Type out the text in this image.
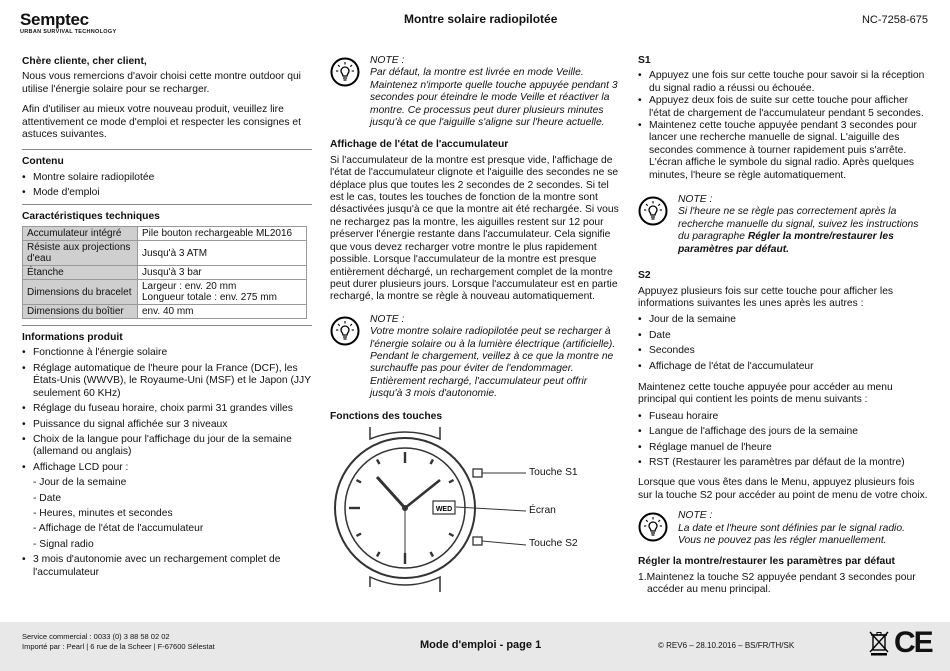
Semptec
URBAN SURVIVAL TECHNOLOGY
Montre solaire radiopilotée	NC-7258-675
Chère cliente, cher client,

Nous vous remercions d'avoir choisi cette montre outdoor qui utilise l'énergie solaire pour se recharger.

Afin d'utiliser au mieux votre nouveau produit, veuillez lire attentivement ce mode d'emploi et respecter les consignes et astuces suivantes.

Contenu
• Montre solaire radiopilotée
• Mode d'emploi
Caractéristiques techniques
Accumulateur intégré	Pile bouton rechargeable ML2016
Résiste aux projections d'eau	Jusqu'à 3 ATM
Étanche	Jusqu'à 3 bar
Dimensions du bracelet	Largeur : env. 20 mm
Longueur totale : env. 275 mm
Dimensions du boîtier	env. 40 mm
Informations produit
• Fonctionne à l'énergie solaire
• Réglage automatique de l'heure pour la France (DCF), les États-Unis (WWVB), le Royaume-Uni (MSF) et le Japon (JJY seulement 60 KHz)
• Réglage du fuseau horaire, choix parmi 31 grandes villes
• Puissance du signal affichée sur 3 niveaux
• Choix de la langue pour l'affichage du jour de la semaine (allemand ou anglais)
• Affichage LCD pour :
- Jour de la semaine
- Date
- Heures, minutes et secondes
- Affichage de l'état de l'accumulateur
- Signal radio
• 3 mois d'autonomie avec un rechargement complet de l'accumulateur
NOTE :
Par défaut, la montre est livrée en mode Veille. Maintenez n'importe quelle touche appuyée pendant 3 secondes pour éteindre le mode Veille et réactiver la montre. Ce processus peut durer plusieurs minutes jusqu'à ce que l'aiguille s'aligne sur l'heure actuelle.
Affichage de l'état de l'accumulateur

Si l'accumulateur de la montre est presque vide, l'affichage de l'état de l'accumulateur clignote et l'aiguille des secondes ne se déplace plus que toutes les 2 secondes de 2 secondes. Si tel est le cas, toutes les touches de fonction de la montre sont désactivées jusqu'à ce que la montre ait été rechargée. Si vous ne rechargez pas la montre, les aiguilles restent sur 12 pour préserver l'énergie restante dans l'accumulateur. Cela signifie que vous devez recharger votre montre le plus rapidement possible. Lorsque l'accumulateur de la montre est presque entièrement déchargé, un rechargement complet de la montre peut durer plusieurs jours. Lorsque l'accumulateur est en partie rechargé, la montre se règle à nouveau automatiquement.

NOTE :
Votre montre solaire radiopilotée peut se recharger à l'énergie solaire ou à la lumière électrique (artificielle). Pendant le chargement, veillez à ce que la montre ne surchauffe pas pour éviter de l'endommager. Entièrement rechargé, l'accumulateur peut offrir jusqu'à 3 mois d'autonomie.
Fonctions des touches
WED
Touche S1
Écran
Touche S2
S1
• Appuyez une fois sur cette touche pour savoir si la réception du signal radio a réussi ou échouée.
• Appuyez deux fois de suite sur cette touche pour afficher l'état de chargement de l'accumulateur pendant 5 secondes.
• Maintenez cette touche appuyée pendant 3 secondes pour lancer une recherche manuelle de signal. L'aiguille des secondes commence à tourner rapidement puis s'arrête. L'écran affiche le symbole du signal radio. Après quelques minutes, l'heure se règle automatiquement.
NOTE :
Si l'heure ne se règle pas correctement après la recherche manuelle du signal, suivez les instructions du paragraphe Régler la montre/restaurer les paramètres par défaut.
S2

Appuyez plusieurs fois sur cette touche pour afficher les informations suivantes les unes après les autres :

• Jour de la semaine
• Date
• Secondes
• Affichage de l'état de l'accumulateur

Maintenez cette touche appuyée pour accéder au menu principal qui contient les points de menu suivants :

• Fuseau horaire
• Langue de l'affichage des jours de la semaine
• Réglage manuel de l'heure
• RST (Restaurer les paramètres par défaut de la montre)

Lorsque que vous êtes dans le Menu, appuyez plusieurs fois sur la touche S2 pour accéder au point de menu de votre choix.

NOTE :
La date et l'heure sont définies par le signal radio. Vous ne pouvez pas les régler manuellement.
Régler la montre/restaurer les paramètres par défaut
1.Maintenez la touche S2 appuyée pendant 3 secondes pour accéder au menu principal.
Service commercial : 0033 (0) 3 88 58 02 02
Importé par : Pearl | 6 rue de la Scheer | F-67600 Sélestat	Mode d'emploi - page 1	© REV6 – 28.10.2016 – BS/FR/TH/SK	CE
